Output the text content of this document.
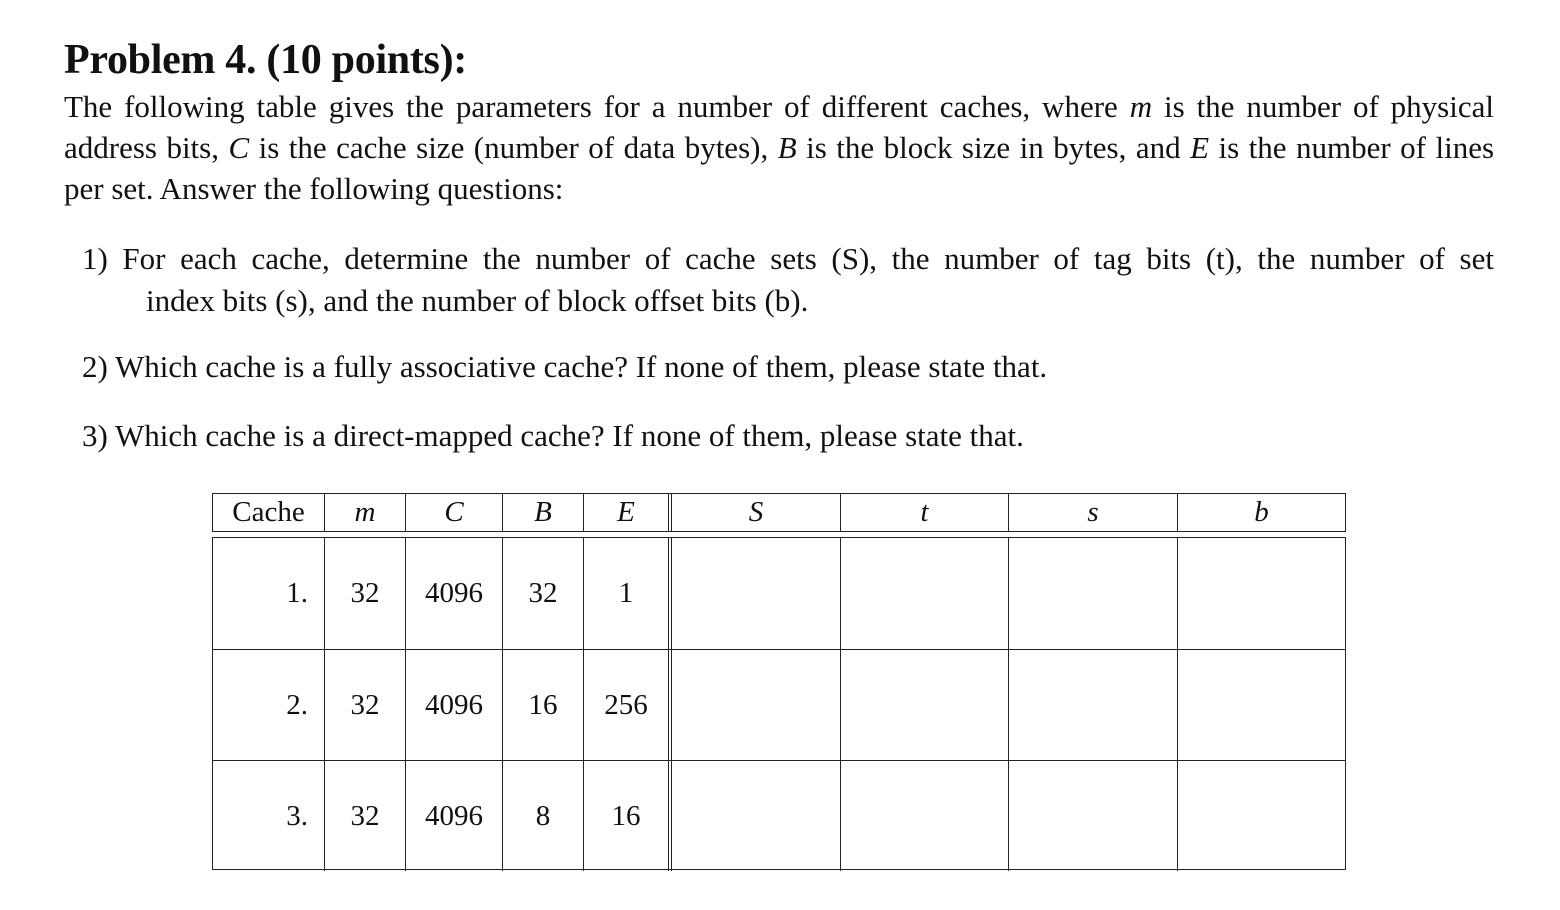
Problem 4. (10 points):
The following table gives the parameters for a number of different caches, where m is the number of physical address bits, C is the cache size (number of data bytes), B is the block size in bytes, and E is the number of lines per set. Answer the following questions:
1) For each cache, determine the number of cache sets (S), the number of tag bits (t), the number of set
index bits (s), and the number of block offset bits (b).
2) Which cache is a fully associative cache? If none of them, please state that.
3) Which cache is a direct-mapped cache? If none of them, please state that.
Cache	m	C	B	E	S	t	s	b
1.	32	4096	32	1
2.	32	4096	16	256
3.	32	4096	8	16
